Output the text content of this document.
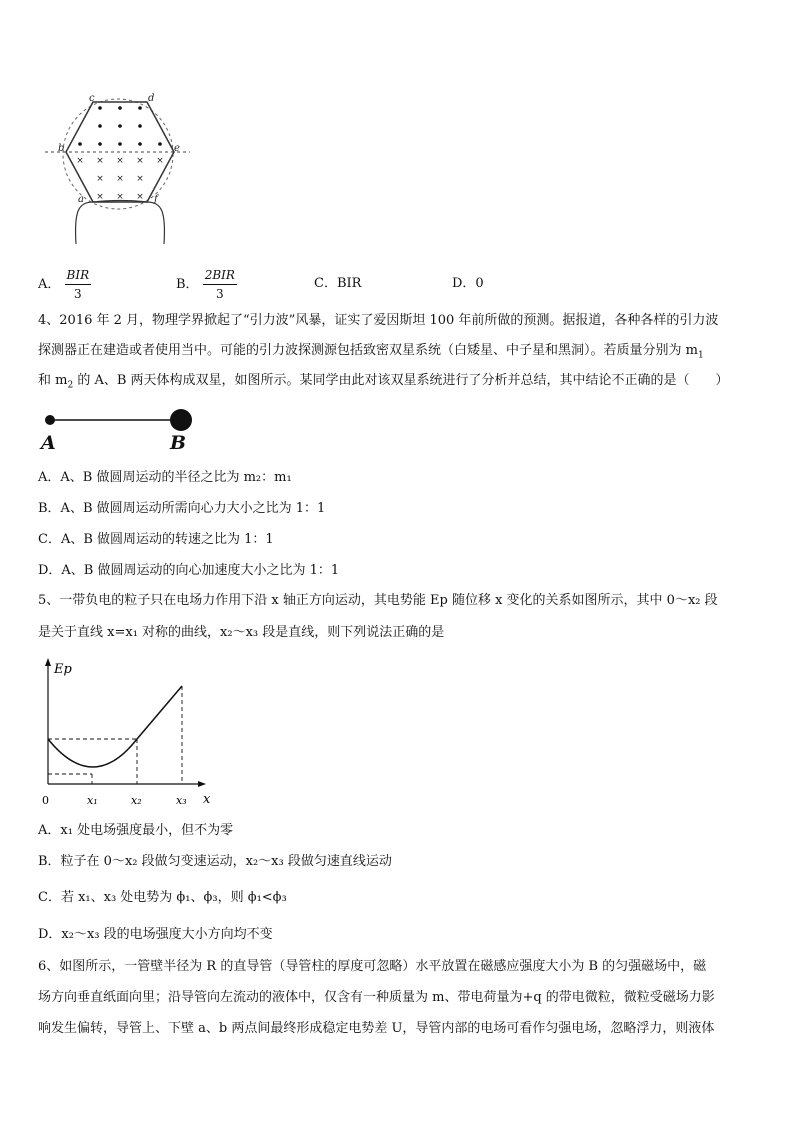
× × × × ×
× × ×
× × ×
c	d
b	e
a	f
A． $\frac{\text{BIR}}{3}$	B． $\frac{\text{2BIR}}{3}$	C．BIR	D．0
4、2016 年 2 月，物理学界掀起了“引力波”风暴，证实了爱因斯坦 100 年前所做的预测。据报道，各种各样的引力波
探测器正在建造或者使用当中。可能的引力波探测源包括致密双星系统（白矮星、中子星和黑洞）。若质量分别为 $m_1$
和 $m_2$ 的 A、B 两天体构成双星，如图所示。某同学由此对该双星系统进行了分析并总结，其中结论不正确的是（　　）
A	B
A．A、B 做圆周运动的半径之比为 m₂：m₁
B．A、B 做圆周运动所需向心力大小之比为 1：1
C．A、B 做圆周运动的转速之比为 1：1
D．A、B 做圆周运动的向心加速度大小之比为 1：1
5、一带负电的粒子只在电场力作用下沿 x 轴正方向运动，其电势能 Ep 随位移 x 变化的关系如图所示，其中 0～x₂ 段
是关于直线 x=x₁ 对称的曲线，x₂～x₃ 段是直线，则下列说法正确的是
Ep
x
0	x₁	x₂	x₃
A．x₁ 处电场强度最小，但不为零
B．粒子在 0～x₂ 段做匀变速运动，x₂～x₃ 段做匀速直线运动
C．若 x₁、x₃ 处电势为 ϕ₁、ϕ₃，则 ϕ₁<ϕ₃
D．x₂～x₃ 段的电场强度大小方向均不变
6、如图所示，一管壁半径为 R 的直导管（导管柱的厚度可忽略）水平放置在磁感应强度大小为 B 的匀强磁场中，磁
场方向垂直纸面向里；沿导管向左流动的液体中，仅含有一种质量为 m、带电荷量为+q 的带电微粒，微粒受磁场力影
响发生偏转，导管上、下壁 a、b 两点间最终形成稳定电势差 U，导管内部的电场可看作匀强电场，忽略浮力，则液体
